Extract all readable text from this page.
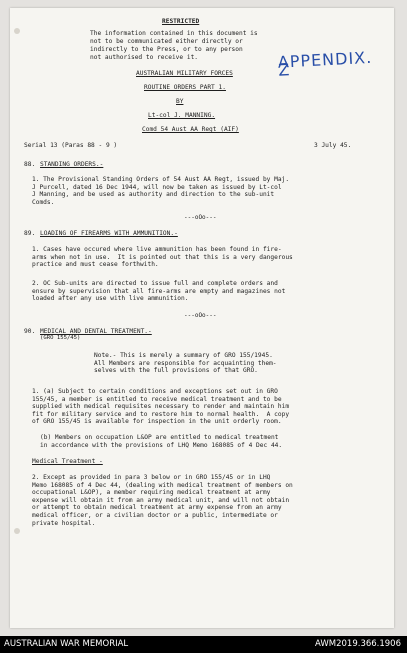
RESTRICTED
The information contained in this document is
not to be communicated either directly or
indirectly to the Press, or to any person
not authorised to receive it.	APPENDIX. Z
AUSTRALIAN MILITARY FORCES
ROUTINE ORDERS PART 1.
BY
Lt-col J. MANNING.
Comd 54 Aust AA Regt (AIF)
Serial 13 (Paras 88 - 9 )	3 July 45.
88. STANDING ORDERS.-
1. The Provisional Standing Orders of 54 Aust AA Regt, issued by Maj.
J Purcell, dated 16 Dec 1944, will now be taken as issued by Lt-col
J Manning, and be used as authority and direction to the sub-unit
Comds.
---oOo---
89. LOADING OF FIREARMS WITH AMMUNITION.-
1. Cases have occured where live ammunition has been found in fire-
arms when not in use.  It is pointed out that this is a very dangerous
practice and must cease forthwith.
2. OC Sub-units are directed to issue full and complete orders and
ensure by supervision that all fire-arms are empty and magazines not
loaded after any use with live ammunition.
---oOo---
90. MEDICAL AND DENTAL TREATMENT.-
(GRO 155/45)
Note.- This is merely a summary of GRO 155/1945.
All Members are responsible for acquainting them-
selves with the full provisions of that GRO.
1. (a) Subject to certain conditions and exceptions set out in GRO
155/45, a member is entitled to receive medical treatment and to be
supplied with medical requisites necessary to render and maintain him
fit for military service and to restore him to normal health.  A copy
of GRO 155/45 is available for inspection in the unit orderly room.
(b) Members on occupation L&OP are entitled to medical treatment
in accordance with the provisions of LHQ Memo 168085 of 4 Dec 44.
Medical Treatment -
2. Except as provided in para 3 below or in GRO 155/45 or in LHQ
Memo 168085 of 4 Dec 44, (dealing with medical treatment of members on
occupational L&OP), a member requiring medical treatment at army
expense will obtain it from an army medical unit, and will not obtain
or attempt to obtain medical treatment at army expense from an army
medical officer, or a civilian doctor or a public, intermediate or
private hospital.
AUSTRALIAN WAR MEMORIAL	AWM2019.366.1906
